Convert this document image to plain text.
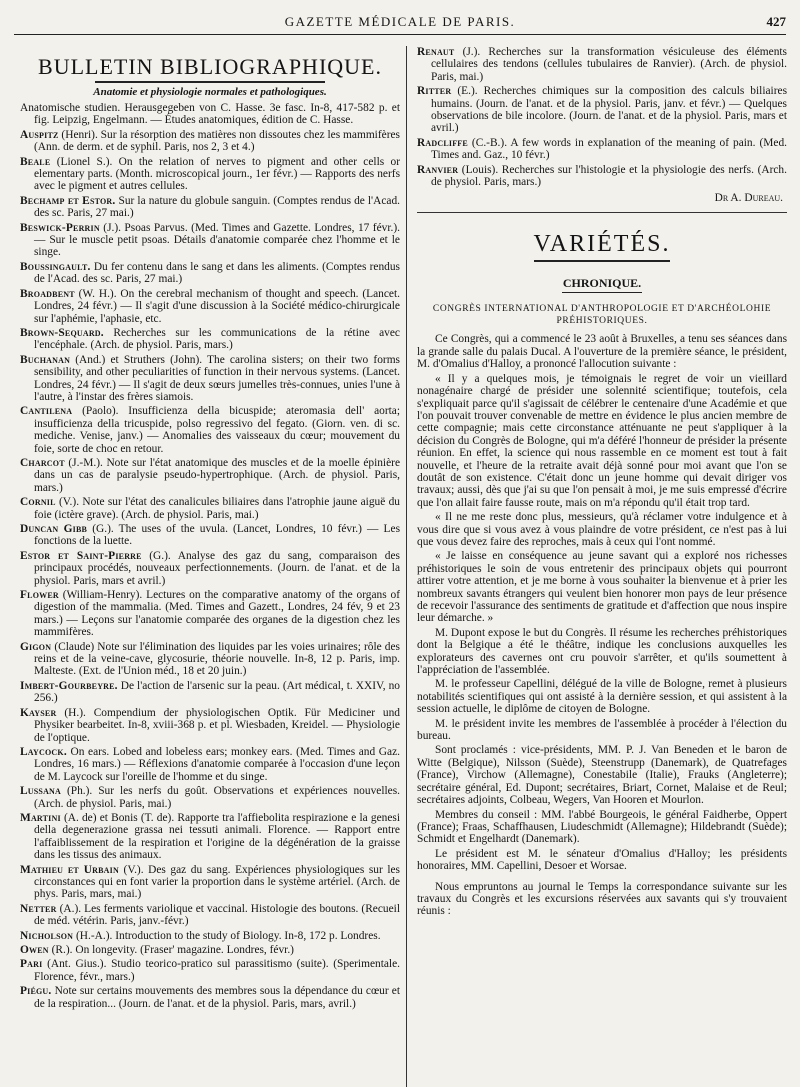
GAZETTE MÉDICALE DE PARIS.	427
BULLETIN BIBLIOGRAPHIQUE.
Anatomie et physiologie normales et pathologiques.
Anatomische studien. Herausgegeben von C. Hasse. 3e fasc. In-8, 417-582 p. et fig. Leipzig, Engelmann. — Études anatomiques, édition de C. Hasse.
Auspitz (Henri). Sur la résorption des matières non dissoutes chez les mammifères (Ann. de derm. et de syphil. Paris, nos 2, 3 et 4.)
Beale (Lionel S.). On the relation of nerves to pigment and other cells or elementary parts. (Month. microscopical journ., 1er févr.) — Rapports des nerfs avec le pigment et autres cellules.
Bechamp et Estor. Sur la nature du globule sanguin. (Comptes rendus de l'Acad. des sc. Paris, 27 mai.)
Beswick-Perrin (J.). Psoas Parvus. (Med. Times and Gazette. Londres, 17 févr.). — Sur le muscle petit psoas. Détails d'anatomie comparée chez l'homme et le singe.
Boussingault. Du fer contenu dans le sang et dans les aliments. (Comptes rendus de l'Acad. des sc. Paris, 27 mai.)
Broadbent (W. H.). On the cerebral mechanism of thought and speech. (Lancet. Londres, 24 févr.) — Il s'agit d'une discussion à la Société médico-chirurgicale sur l'aphémie, l'aphasie, etc.
Brown-Sequard. Recherches sur les communications de la rétine avec l'encéphale. (Arch. de physiol. Paris, mars.)
Buchanan (And.) et Struthers (John). The carolina sisters; on their two forms sensibility, and other peculiarities of function in their nervous systems. (Lancet. Londres, 24 févr.) — Il s'agit de deux sœurs jumelles très-connues, unies l'une à l'autre, à l'instar des frères siamois.
Cantilena (Paolo). Insufficienza della bicuspide; ateromasia dell' aorta; insufficienza della tricuspide, polso regressivo del fegato. (Giorn. ven. di sc. mediche. Venise, janv.) — Anomalies des vaisseaux du cœur; mouvement du foie, sorte de choc en retour.
Charcot (J.-M.). Note sur l'état anatomique des muscles et de la moelle épinière dans un cas de paralysie pseudo-hypertrophique. (Arch. de physiol. Paris, mars.)
Cornil (V.). Note sur l'état des canalicules biliaires dans l'atrophie jaune aiguë du foie (ictère grave). (Arch. de physiol. Paris, mai.)
Duncan Gibb (G.). The uses of the uvula. (Lancet, Londres, 10 févr.) — Les fonctions de la luette.
Estor et Saint-Pierre (G.). Analyse des gaz du sang, comparaison des principaux procédés, nouveaux perfectionnements. (Journ. de l'anat. et de la physiol. Paris, mars et avril.)
Flower (William-Henry). Lectures on the comparative anatomy of the organs of digestion of the mammalia. (Med. Times and Gazett., Londres, 24 fév, 9 et 23 mars.) — Leçons sur l'anatomie comparée des organes de la digestion chez les mammifères.
Gigon (Claude) Note sur l'élimination des liquides par les voies urinaires; rôle des reins et de la veine-cave, glycosurie, théorie nouvelle. In-8, 12 p. Paris, imp. Malteste. (Ext. de l'Union méd., 18 et 20 juin.)
Imbert-Gourbeyre. De l'action de l'arsenic sur la peau. (Art médical, t. XXIV, no 256.)
Kayser (H.). Compendium der physiologischen Optik. Für Mediciner und Physiker bearbeitet. In-8, xviii-368 p. et pl. Wiesbaden, Kreidel. — Physiologie de l'optique.
Laycock. On ears. Lobed and lobeless ears; monkey ears. (Med. Times and Gaz. Londres, 16 mars.) — Réflexions d'anatomie comparée à l'occasion d'une leçon de M. Laycock sur l'oreille de l'homme et du singe.
Lussana (Ph.). Sur les nerfs du goût. Observations et expériences nouvelles. (Arch. de physiol. Paris, mai.)
Martini (A. de) et Bonis (T. de). Rapporte tra l'affiebolita respirazione e la genesi della degenerazione grassa nei tessuti animali. Florence. — Rapport entre l'affaiblissement de la respiration et l'origine de la dégénération de la graisse dans les tissus des animaux.
Mathieu et Urbain (V.). Des gaz du sang. Expériences physiologiques sur les circonstances qui en font varier la proportion dans le système artériel. (Arch. de phys. Paris, mars, mai.)
Netter (A.). Les ferments variolique et vaccinal. Histologie des boutons. (Recueil de méd. vétérin. Paris, janv.-févr.)
Nicholson (H.-A.). Introduction to the study of Biology. In-8, 172 p. Londres.
Owen (R.). On longevity. (Fraser' magazine. Londres, févr.)
Pari (Ant. Gius.). Studio teorico-pratico sul parassitismo (suite). (Sperimentale. Florence, févr., mars.)
Piégu. Note sur certains mouvements des membres sous la dépendance du cœur et de la respiration... (Journ. de l'anat. et de la physiol. Paris, mars, avril.)
Renaut (J.). Recherches sur la transformation vésiculeuse des éléments cellulaires des tendons (cellules tubulaires de Ranvier). (Arch. de physiol. Paris, mai.)
Ritter (E.). Recherches chimiques sur la composition des calculs biliaires humains. (Journ. de l'anat. et de la physiol. Paris, janv. et févr.) — Quelques observations de bile incolore. (Journ. de l'anat. et de la physiol. Paris, mars et avril.)
Radcliffe (C.-B.). A few words in explanation of the meaning of pain. (Med. Times and. Gaz., 10 févr.)
Ranvier (Louis). Recherches sur l'histologie et la physiologie des nerfs. (Arch. de physiol. Paris, mars.)
Dr A. Dureau.
VARIÉTÉS.
CHRONIQUE.
CONGRÈS INTERNATIONAL D'ANTHROPOLOGIE ET D'ARCHÉOLOHIE PRÉHISTORIQUES.
Ce Congrès, qui a commencé le 23 août à Bruxelles, a tenu ses séances dans la grande salle du palais Ducal. A l'ouverture de la première séance, le président, M. d'Omalius d'Halloy, a prononcé l'allocution suivante :
« Il y a quelques mois, je témoignais le regret de voir un vieillard nonagénaire chargé de présider une solennité scientifique; toutefois, cela s'expliquait parce qu'il s'agissait de célébrer le centenaire d'une Académie et que l'on pouvait trouver convenable de mettre en évidence le plus ancien membre de cette compagnie; mais cette circonstance atténuante ne peut s'appliquer à la décision du Congrès de Bologne, qui m'a déféré l'honneur de présider la présente réunion. En effet, la science qui nous rassemble en ce moment est tout à fait nouvelle, et l'heure de la retraite avait déjà sonné pour moi avant que l'on se doutât de son existence. C'était donc un jeune homme qui devait diriger vos travaux; aussi, dès que j'ai su que l'on pensait à moi, je me suis empressé d'écrire que l'on allait faire fausse route, mais on m'a répondu qu'il était trop tard.
« Il ne me reste donc plus, messieurs, qu'à réclamer votre indulgence et à vous dire que si vous avez à vous plaindre de votre président, ce n'est pas à lui que vous devez faire des reproches, mais à ceux qui l'ont nommé.
« Je laisse en conséquence au jeune savant qui a exploré nos richesses préhistoriques le soin de vous entretenir des principaux objets qui pourront attirer votre attention, et je me borne à vous souhaiter la bienvenue et à prier les nombreux savants étrangers qui veulent bien honorer mon pays de leur présence de recevoir l'assurance des sentiments de gratitude et d'affection que nous inspire leur démarche. »
M. Dupont expose le but du Congrès. Il résume les recherches préhistoriques dont la Belgique a été le théâtre, indique les conclusions auxquelles les explorateurs des cavernes ont cru pouvoir s'arrêter, et qu'ils soumettent à l'appréciation de l'assemblée.
M. le professeur Capellini, délégué de la ville de Bologne, remet à plusieurs notabilités scientifiques qui ont assisté à la dernière session, et qui assistent à la session actuelle, le diplôme de citoyen de Bologne.
M. le président invite les membres de l'assemblée à procéder à l'élection du bureau.
Sont proclamés : vice-présidents, MM. P. J. Van Beneden et le baron de Witte (Belgique), Nilsson (Suède), Steenstrupp (Danemark), de Quatrefages (France), Virchow (Allemagne), Conestabile (Italie), Frauks (Angleterre); secrétaire général, Ed. Dupont; secrétaires, Briart, Cornet, Malaise et de Reul; secrétaires adjoints, Colbeau, Wegers, Van Hooren et Mourlon.
Membres du conseil : MM. l'abbé Bourgeois, le général Faidherbe, Oppert (France); Fraas, Schaffhausen, Liudeschmidt (Allemagne); Hildebrandt (Suède); Schmidt et Engelhardt (Danemark).
Le président est M. le sénateur d'Omalius d'Halloy; les présidents honoraires, MM. Capellini, Desoer et Worsae.
Nous empruntons au journal le Temps la correspondance suivante sur les travaux du Congrès et les excursions réservées aux savants qui s'y trouvaient réunis :
